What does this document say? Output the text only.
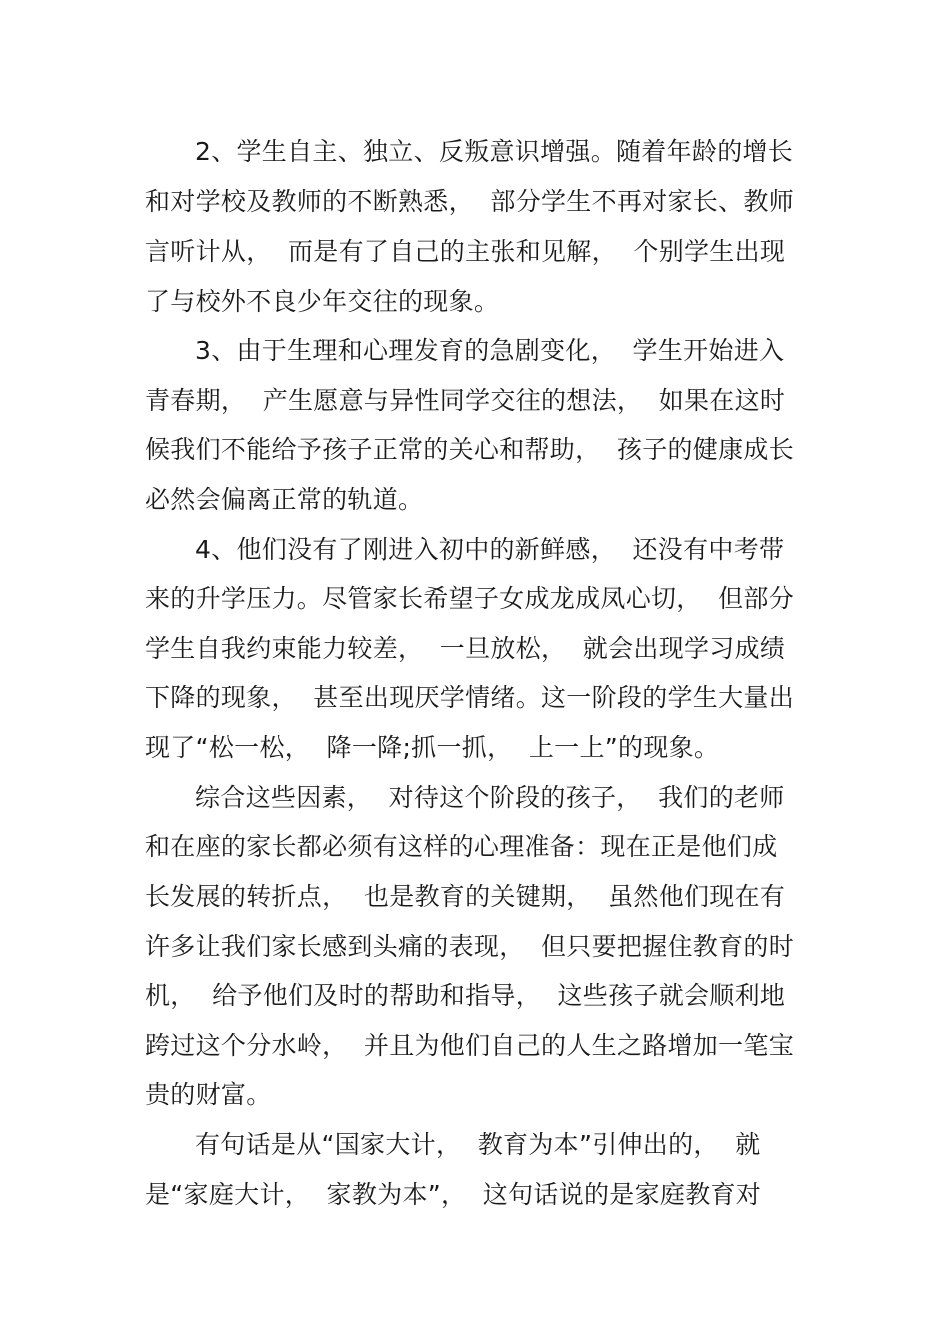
2、学生自主、独立、反叛意识增强。随着年龄的增长
和对学校及教师的不断熟悉，  部分学生不再对家长、教师
言听计从，  而是有了自己的主张和见解，  个别学生出现
了与校外不良少年交往的现象。
3、由于生理和心理发育的急剧变化，  学生开始进入
青春期，  产生愿意与异性同学交往的想法，  如果在这时
候我们不能给予孩子正常的关心和帮助，  孩子的健康成长
必然会偏离正常的轨道。
4、他们没有了刚进入初中的新鲜感，  还没有中考带
来的升学压力。尽管家长希望子女成龙成凤心切，  但部分
学生自我约束能力较差，  一旦放松，  就会出现学习成绩
下降的现象，  甚至出现厌学情绪。这一阶段的学生大量出
现了“松一松，  降一降;抓一抓，  上一上”的现象。
综合这些因素，  对待这个阶段的孩子，  我们的老师
和在座的家长都必须有这样的心理准备：现在正是他们成
长发展的转折点，  也是教育的关键期，  虽然他们现在有
许多让我们家长感到头痛的表现，  但只要把握住教育的时
机，  给予他们及时的帮助和指导，  这些孩子就会顺利地
跨过这个分水岭，  并且为他们自己的人生之路增加一笔宝
贵的财富。
有句话是从“国家大计，  教育为本”引伸出的，  就
是“家庭大计，  家教为本”，  这句话说的是家庭教育对
